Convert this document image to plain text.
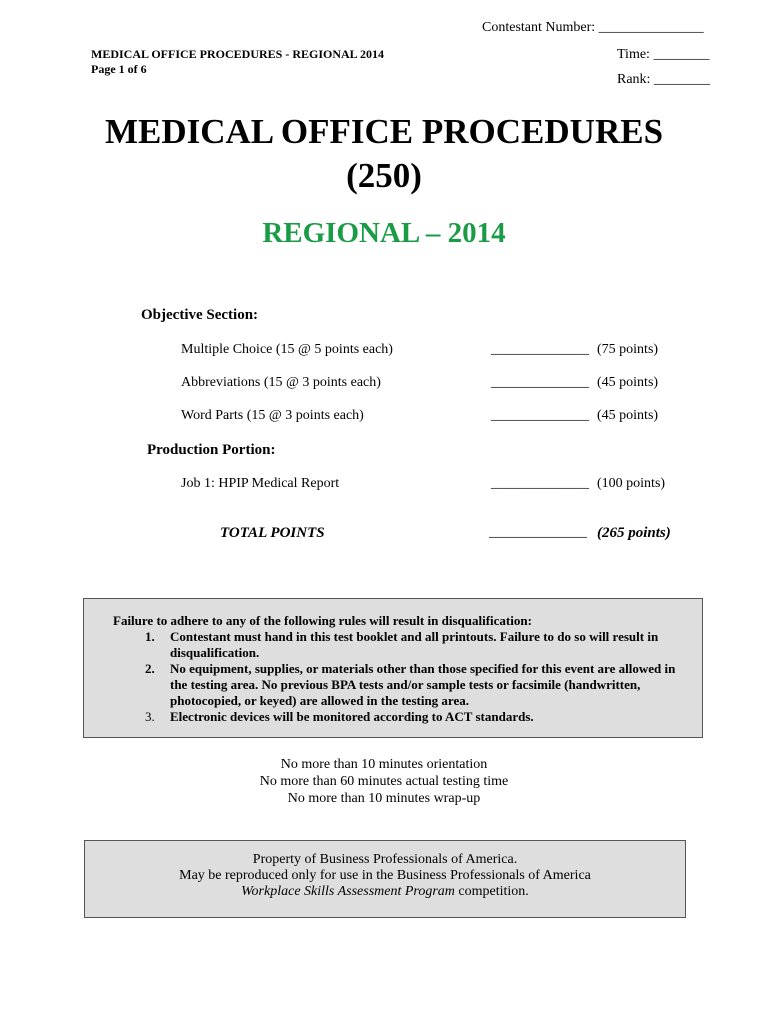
Contestant Number: _______________
MEDICAL OFFICE PROCEDURES - REGIONAL 2014
Page 1 of 6
Time: ________
Rank: ________
MEDICAL OFFICE PROCEDURES
(250)
REGIONAL – 2014
Objective Section:
Multiple Choice (15 @ 5 points each)	______________ (75 points)
Abbreviations (15 @ 3 points each)	______________ (45 points)
Word Parts (15 @ 3 points each)	______________ (45 points)
Production Portion:
Job 1: HPIP Medical Report	______________ (100 points)
TOTAL POINTS	______________ (265 points)
Failure to adhere to any of the following rules will result in disqualification:
1. Contestant must hand in this test booklet and all printouts. Failure to do so will result in disqualification.
2. No equipment, supplies, or materials other than those specified for this event are allowed in the testing area. No previous BPA tests and/or sample tests or facsimile (handwritten, photocopied, or keyed) are allowed in the testing area.
3. Electronic devices will be monitored according to ACT standards.
No more than 10 minutes orientation
No more than 60 minutes actual testing time
No more than 10 minutes wrap-up
Property of Business Professionals of America.
May be reproduced only for use in the Business Professionals of America
Workplace Skills Assessment Program competition.
